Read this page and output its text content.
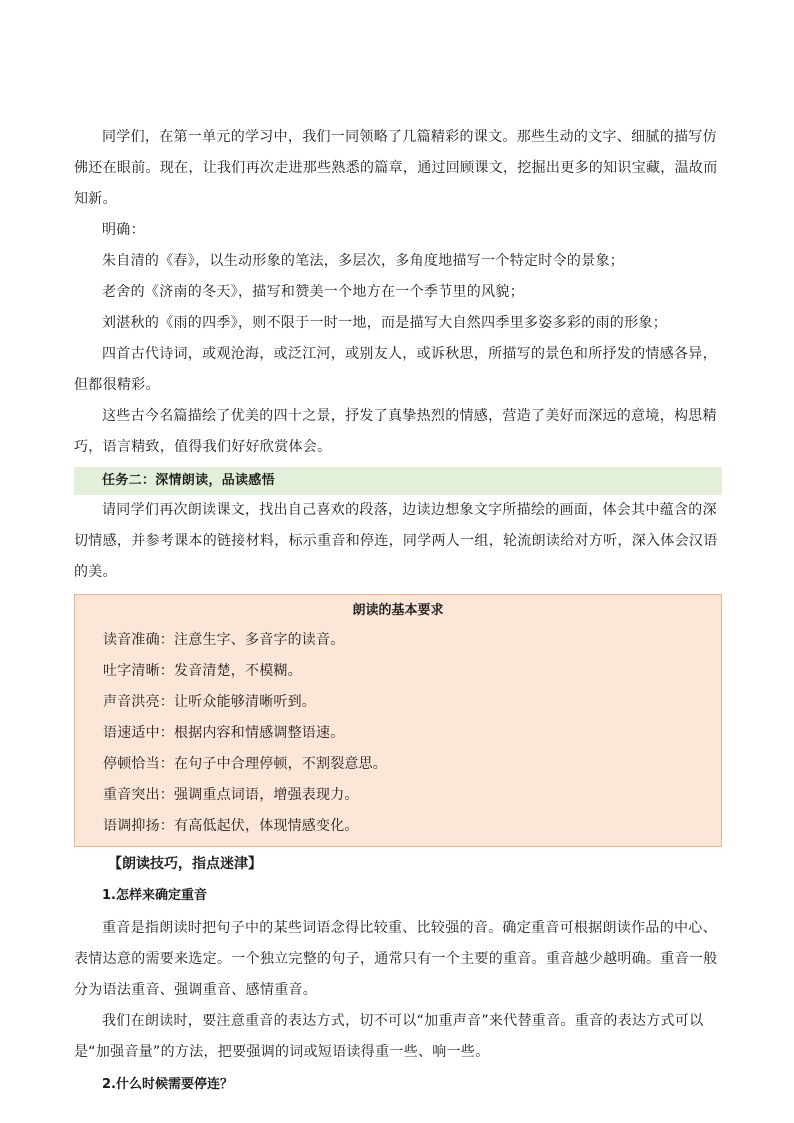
同学们，在第一单元的学习中，我们一同领略了几篇精彩的课文。那些生动的文字、细腻的描写仿佛还在眼前。现在，让我们再次走进那些熟悉的篇章，通过回顾课文，挖掘出更多的知识宝藏，温故而知新。

明确：

朱自清的《春》，以生动形象的笔法，多层次，多角度地描写一个特定时令的景象；

老舍的《济南的冬天》，描写和赞美一个地方在一个季节里的风貌；

刘湛秋的《雨的四季》，则不限于一时一地，而是描写大自然四季里多姿多彩的雨的形象；

四首古代诗词，或观沧海，或泛江河，或别友人，或诉秋思，所描写的景色和所抒发的情感各异，但都很精彩。

这些古今名篇描绘了优美的四十之景，抒发了真挚热烈的情感，营造了美好而深远的意境，构思精巧，语言精致，值得我们好好欣赏体会。

任务二：深情朗读，品读感悟

请同学们再次朗读课文，找出自己喜欢的段落，边读边想象文字所描绘的画面，体会其中蕴含的深切情感，并参考课本的链接材料，标示重音和停连，同学两人一组，轮流朗读给对方听，深入体会汉语的美。

朗读的基本要求
读音准确：注意生字、多音字的读音。
吐字清晰：发音清楚，不模糊。
声音洪亮：让听众能够清晰听到。
语速适中：根据内容和情感调整语速。
停顿恰当：在句子中合理停顿，不割裂意思。
重音突出：强调重点词语，增强表现力。
语调抑扬：有高低起伏，体现情感变化。
【朗读技巧，指点迷津】
1.怎样来确定重音

重音是指朗读时把句子中的某些词语念得比较重、比较强的音。确定重音可根据朗读作品的中心、表情达意的需要来选定。一个独立完整的句子，通常只有一个主要的重音。重音越少越明确。重音一般分为语法重音、强调重音、感情重音。

我们在朗读时，要注意重音的表达方式，切不可以“加重声音”来代替重音。重音的表达方式可以是“加强音量”的方法，把要强调的词或短语读得重一些、响一些。

2.什么时候需要停连？
